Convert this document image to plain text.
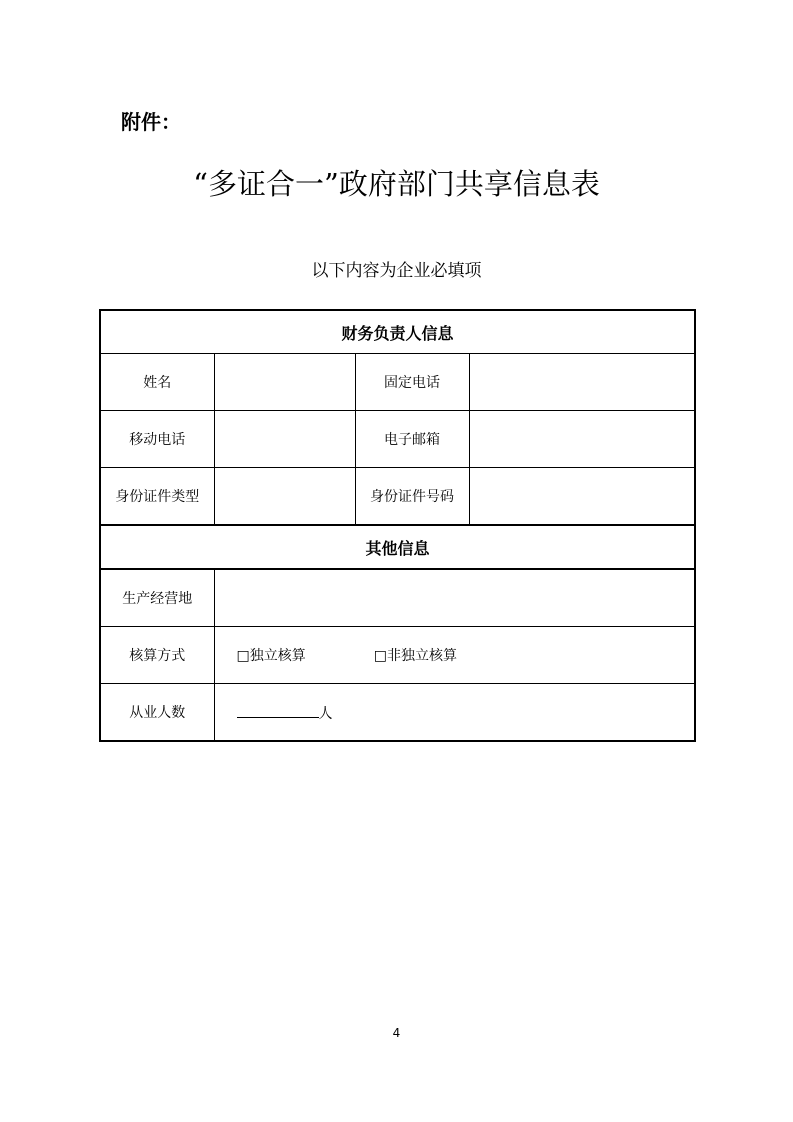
附件：
“多证合一”政府部门共享信息表
以下内容为企业必填项
财务负责人信息			
姓名		固定电话	
移动电话		电子邮箱	
身份证件类型		身份证件号码	
其他信息			
生产经营地			
核算方式	□独立核算 □非独立核算		
从业人数	人		
4
